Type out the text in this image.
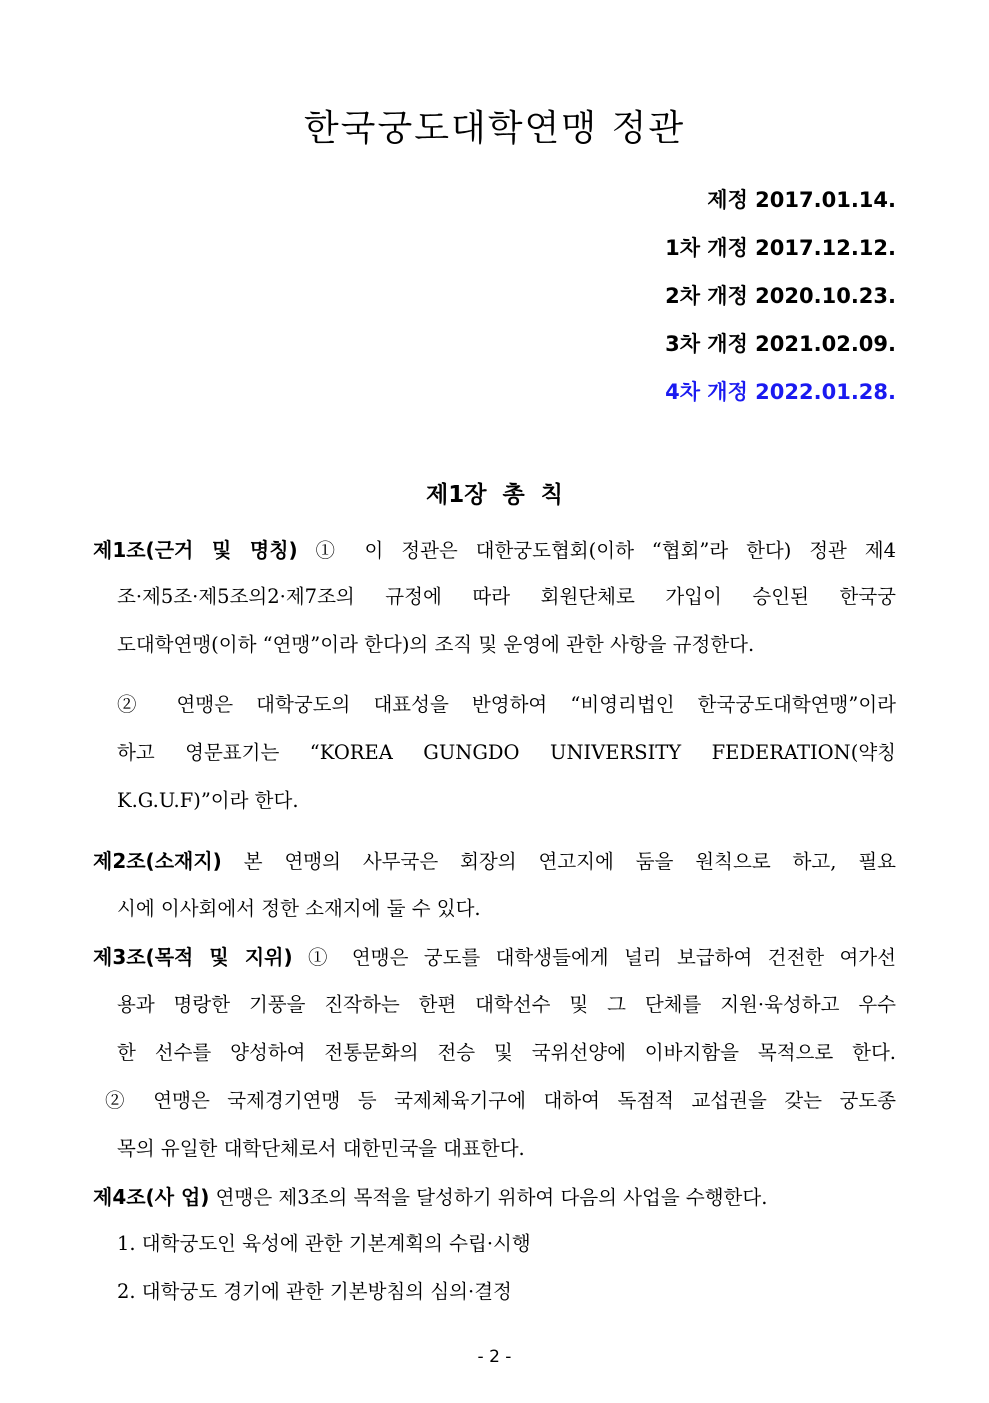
한국궁도대학연맹 정관
제정 2017.01.14.
1차 개정 2017.12.12.
2차 개정 2020.10.23.
3차 개정 2021.02.09.
4차 개정 2022.01.28.
제1장  총  칙
제1조(근거 및 명칭) ① 이 정관은 대한궁도협회(이하 “협회”라 한다) 정관 제4
조·제5조·제5조의2·제7조의 규정에 따라 회원단체로 가입이 승인된 한국궁
도대학연맹(이하 “연맹”이라 한다)의 조직 및 운영에 관한 사항을 규정한다.
② 연맹은 대학궁도의 대표성을 반영하여 “비영리법인 한국궁도대학연맹”이라
하고 영문표기는 “KOREA GUNGDO UNIVERSITY FEDERATION(약칭
K.G.U.F)”이라 한다.
제2조(소재지) 본 연맹의 사무국은 회장의 연고지에 둠을 원칙으로 하고, 필요
시에 이사회에서 정한 소재지에 둘 수 있다.
제3조(목적 및 지위) ① 연맹은 궁도를 대학생들에게 널리 보급하여 건전한 여가선
용과 명랑한 기풍을 진작하는 한편 대학선수 및 그 단체를 지원·육성하고 우수
한 선수를 양성하여 전통문화의 전승 및 국위선양에 이바지함을 목적으로 한다.
② 연맹은 국제경기연맹 등 국제체육기구에 대하여 독점적 교섭권을 갖는 궁도종
목의 유일한 대학단체로서 대한민국을 대표한다.
제4조(사 업) 연맹은 제3조의 목적을 달성하기 위하여 다음의 사업을 수행한다.
1. 대학궁도인 육성에 관한 기본계획의 수립·시행
2. 대학궁도 경기에 관한 기본방침의 심의·결정
- 2 -
